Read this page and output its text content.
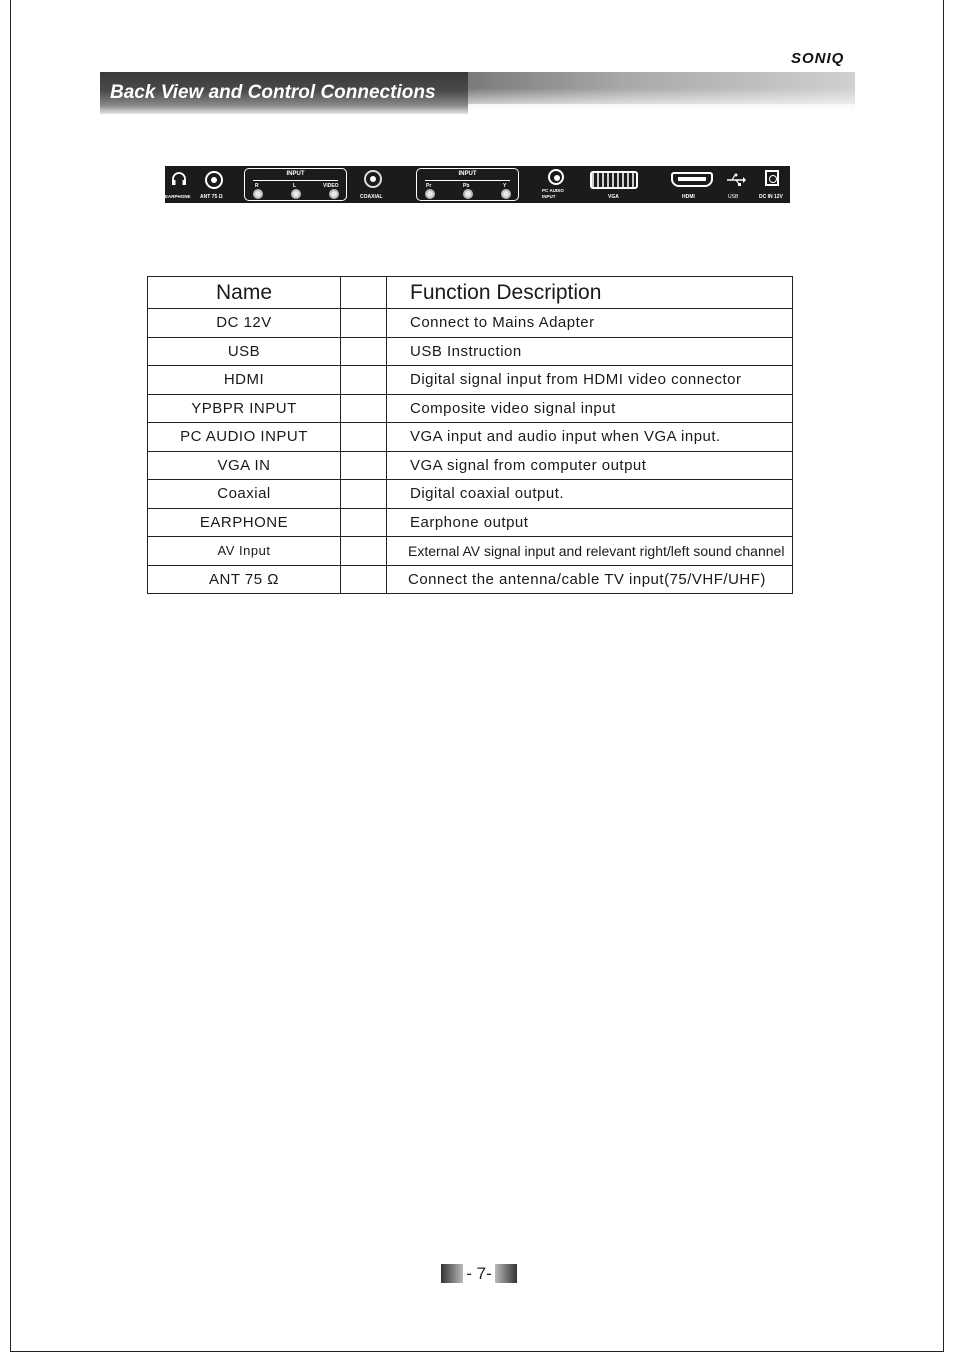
SONIQ
Back View and Control Connections
EARPHONE ANT 75 Ω
INPUT
R	L	VIDEO
COAXIAL
INPUT
Pr	Pb	Y
PC AUDIO INPUT	VGA	HDMI	USB	DC IN 12V
Name		Function Description
DC 12V		Connect to Mains Adapter
USB		USB Instruction
HDMI		Digital signal input from HDMI video connector
YPBPR INPUT		Composite video signal input
PC AUDIO INPUT		VGA input and audio input when VGA input.
VGA IN		VGA signal from computer output
Coaxial		Digital coaxial output.
EARPHONE		Earphone output
AV Input		External AV signal input and relevant right/left sound channel
ANT 75 Ω		Connect the antenna/cable TV input(75/VHF/UHF)
- 7-
